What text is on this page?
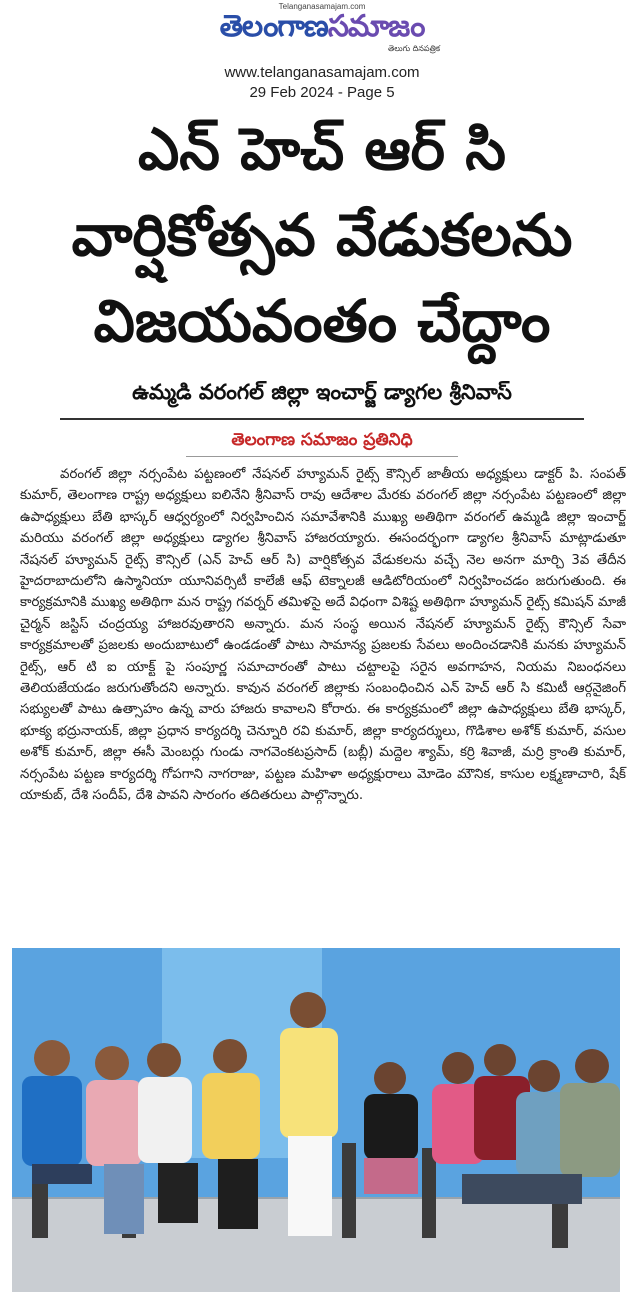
Telanganasamajam.com
తెలంగాణసమాజం
తెలుగు దినపత్రిక
www.telanganasamajam.com
29 Feb 2024 - Page 5
ఎన్ హెచ్ ఆర్ సి
వార్షికోత్సవ వేడుకలను
విజయవంతం చేద్దాం
ఉమ్మడి వరంగల్ జిల్లా ఇంచార్జ్ డ్యాగల శ్రీనివాస్
తెలంగాణ సమాజం ప్రతినిధి

వరంగల్ జిల్లా నర్సంపేట పట్టణంలో నేషనల్ హ్యూమన్ రైట్స్ కౌన్సిల్ జాతీయ అధ్యక్షులు డాక్టర్ పి. సంపత్ కుమార్, తెలంగాణ రాష్ట్ర అధ్యక్షులు ఐలినేని శ్రీనివాస్ రావు ఆదేశాల మేరకు వరంగల్ జిల్లా నర్సంపేట పట్టణంలో జిల్లా ఉపాధ్యక్షులు బేతి భాస్కర్ ఆధ్వర్యంలో నిర్వహించిన సమావేశానికి ముఖ్య అతిథిగా వరంగల్ ఉమ్మడి జిల్లా ఇంచార్జ్ మరియు వరంగల్ జిల్లా అధ్యక్షులు డ్యాగల శ్రీనివాస్ హాజరయ్యారు. ఈసందర్భంగా డ్యాగల శ్రీనివాస్ మాట్లాడుతూ నేషనల్ హ్యూమన్ రైట్స్ కౌన్సిల్ (ఎన్ హెచ్ ఆర్ సి) వార్షికోత్సవ వేడుకలను వచ్చే నెల అనగా మార్చి 3వ తేదీన హైదరాబాదులోని ఉస్మానియా యూనివర్సిటీ కాలేజీ ఆఫ్ టెక్నాలజీ ఆడిటోరియంలో నిర్వహించడం జరుగుతుంది. ఈ కార్యక్రమానికి ముఖ్య అతిథిగా మన రాష్ట్ర గవర్నర్ తమిళసై అదే విధంగా విశిష్ట అతిథిగా హ్యూమన్ రైట్స్ కమిషన్ మాజీ చైర్మన్ జస్టిస్ చంద్రయ్య హాజరవుతారని అన్నారు. మన సంస్థ అయిన నేషనల్ హ్యూమన్ రైట్స్ కౌన్సిల్ సేవా కార్యక్రమాలతో ప్రజలకు అందుబాటులో ఉండడంతో పాటు సామాన్య ప్రజలకు సేవలు అందించడానికి మనకు హ్యూమన్ రైట్స్, ఆర్ టి ఐ యాక్ట్ పై సంపూర్ణ సమాచారంతో పాటు చట్టాలపై సరైన అవగాహన, నియమ నిబంధనలు తెలియజేయడం జరుగుతోందని అన్నారు. కావున వరంగల్ జిల్లాకు సంబంధించిన ఎన్ హెచ్ ఆర్ సి కమిటీ ఆర్గనైజింగ్ సభ్యులతో పాటు ఉత్సాహం ఉన్న వారు హాజరు కావాలని కోరారు. ఈ కార్యక్రమంలో జిల్లా ఉపాధ్యక్షులు బేతి భాస్కర్, భూక్య భద్రునాయక్, జిల్లా ప్రధాన కార్యదర్శి చెన్నూరి రవి కుమార్, జిల్లా కార్యదర్శులు, గొడిశాల అశోక్ కుమార్, వసుల అశోక్ కుమార్, జిల్లా ఈసీ మెంబర్లు గుండు నాగవెంకటప్రసాద్ (బబ్లీ) మద్దెల శ్యామ్, కర్రి శివాజీ, మర్రి క్రాంతి కుమార్, నర్సంపేట పట్టణ కార్యదర్శి గోపగాని నాగరాజు, పట్టణ మహిళా అధ్యక్షురాలు మోడెం మౌనిక, కాసుల లక్ష్మణాచారి, షేక్ యాకుబ్, దేశి సందీప్, దేశి పావని సారంగం తదితరులు పాల్గొన్నారు.
